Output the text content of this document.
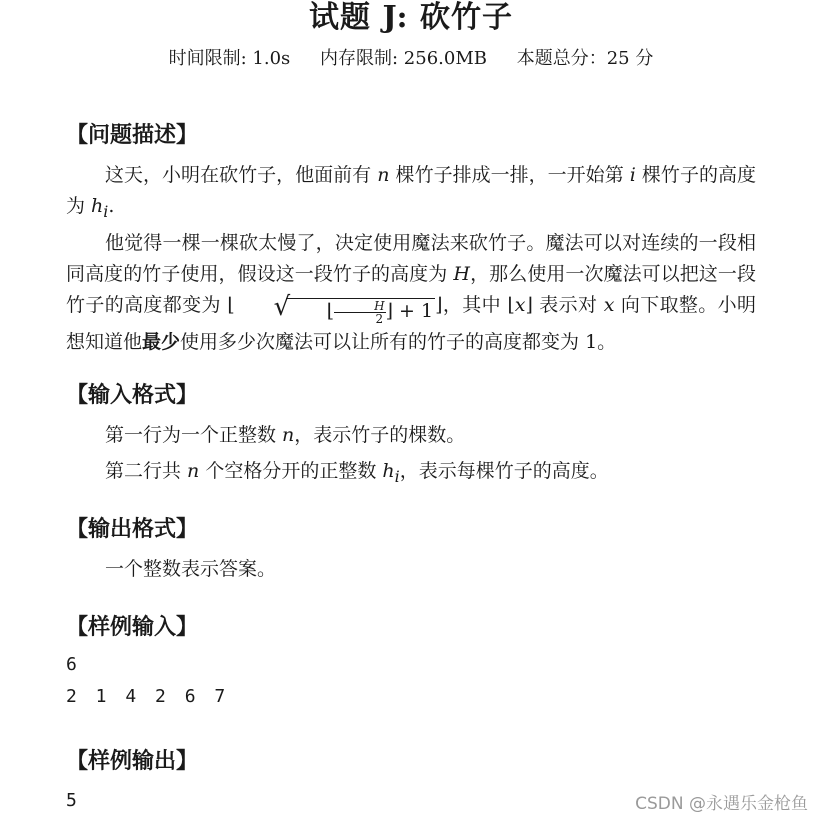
试题 J: 砍竹子
时间限制: 1.0s 内存限制: 256.0MB 本题总分：25 分
【问题描述】
这天，小明在砍竹子，他面前有 n 棵竹子排成一排，一开始第 i 棵竹子的高度为 $h_i$.
他觉得一棵一棵砍太慢了，决定使用魔法来砍竹子。魔法可以对连续的一段相同高度的竹子使用，假设这一段竹子的高度为 H，那么使用一次魔法可以把这一段竹子的高度都变为 ⌊	√ ⌊ $\frac{H}{2}$ ⌋ + 1 ⌋，其中 ⌊x⌋ 表示对 x 向下取整。小明想知道他最少使用多少次魔法可以让所有的竹子的高度都变为 1。
【输入格式】
第一行为一个正整数 n，表示竹子的棵数。
第二行共 n 个空格分开的正整数 $h_i$，表示每棵竹子的高度。
【输出格式】
一个整数表示答案。
【样例输入】
6
2 1 4 2 6 7
【样例输出】
5	CSDN @永遇乐金枪鱼
